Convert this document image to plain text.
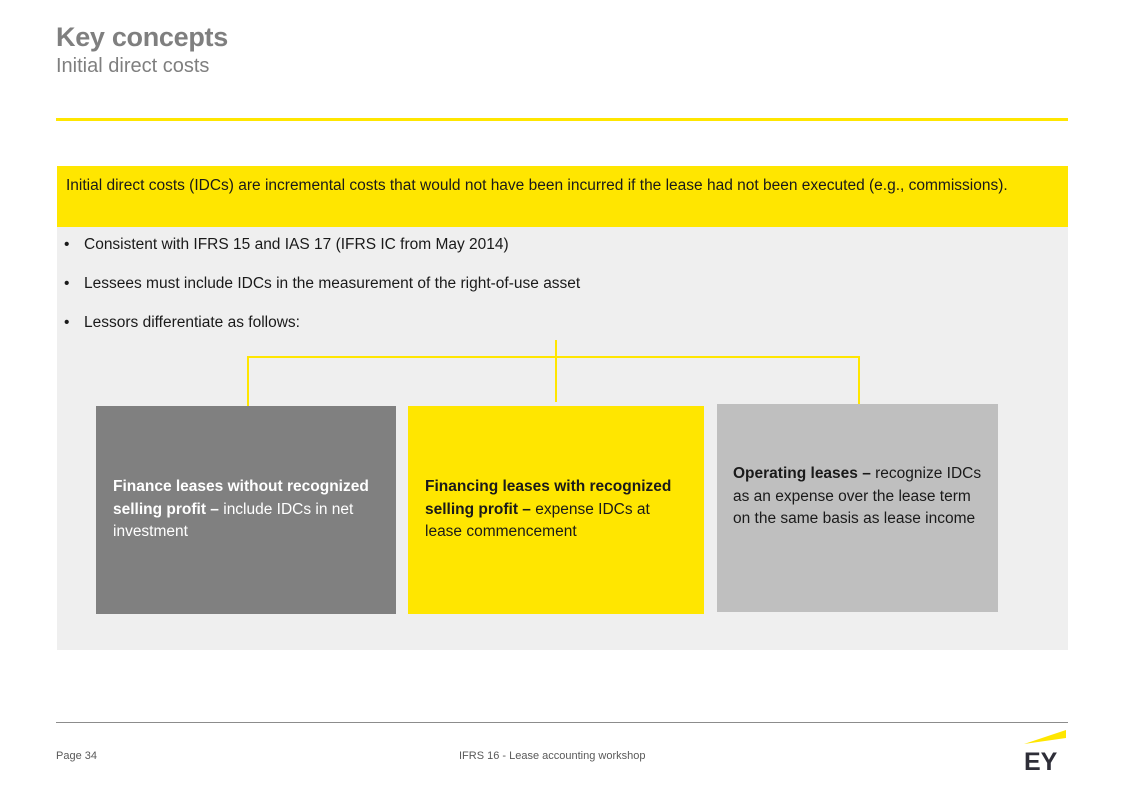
Key concepts
Initial direct costs
Initial direct costs (IDCs) are incremental costs that would not have been incurred if the lease had not been executed (e.g., commissions).
• Consistent with IFRS 15 and IAS 17 (IFRS IC from May 2014)
• Lessees must include IDCs in the measurement of the right-of-use asset
• Lessors differentiate as follows:
Finance leases without recognized selling profit – include IDCs in net investment
Financing leases with recognized selling profit – expense IDCs at lease commencement
Operating leases – recognize IDCs as an expense over the lease term on the same basis as lease income
Page 34	IFRS 16 - Lease accounting workshop	EY
